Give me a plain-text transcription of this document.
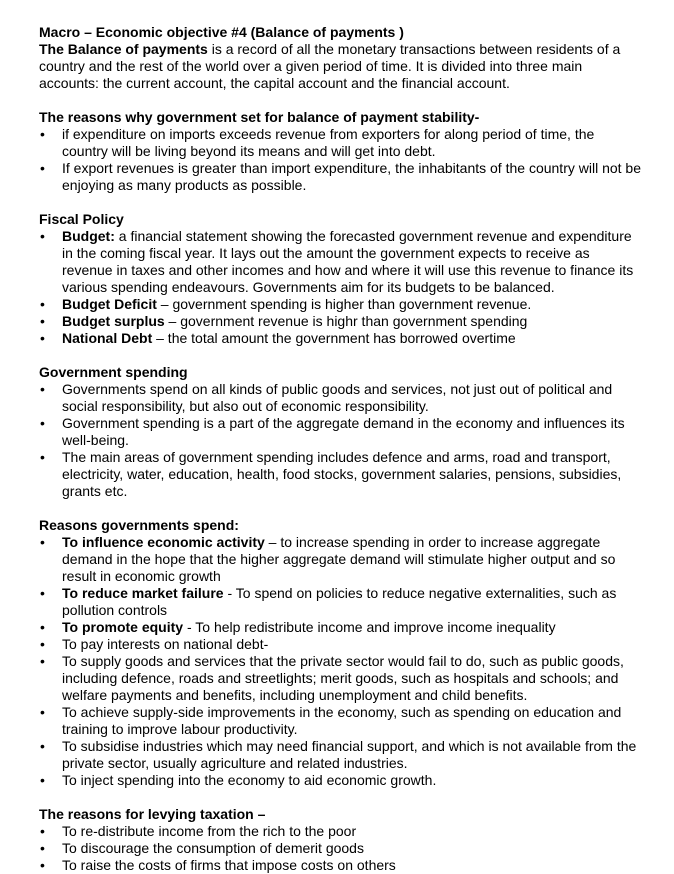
Macro – Economic objective #4 (Balance of payments )

The Balance of payments is a record of all the monetary transactions between residents of a country and the rest of the world over a given period of time. It is divided into three main accounts: the current account, the capital account and the financial account.

The reasons why government set for balance of payment stability-

•	if expenditure on imports exceeds revenue from exporters for along period of time, the country will be living beyond its means and will get into debt.
•	If export revenues is greater than import expenditure, the inhabitants of the country will not be enjoying as many products as possible.

Fiscal Policy

•	Budget: a financial statement showing the forecasted government revenue and expenditure in the coming fiscal year. It lays out the amount the government expects to receive as revenue in taxes and other incomes and how and where it will use this revenue to finance its various spending endeavours. Governments aim for its budgets to be balanced.
•	Budget Deficit – government spending is higher than government revenue.
•	Budget surplus – government revenue is highr than government spending
•	National Debt – the total amount the government has borrowed overtime

Government spending

•	Governments spend on all kinds of public goods and services, not just out of political and social responsibility, but also out of economic responsibility.
•	Government spending is a part of the aggregate demand in the economy and influences its well-being.
•	The main areas of government spending includes defence and arms, road and transport, electricity, water, education, health, food stocks, government salaries, pensions, subsidies, grants etc.

Reasons governments spend:

•	To influence economic activity – to increase spending in order to increase aggregate demand in the hope that the higher aggregate demand will stimulate higher output and so result in economic growth
•	To reduce market failure - To spend on policies to reduce negative externalities, such as pollution controls
•	To promote equity - To help redistribute income and improve income inequality
•	To pay interests on national debt-
•	To supply goods and services that the private sector would fail to do, such as public goods, including defence, roads and streetlights; merit goods, such as hospitals and schools; and welfare payments and benefits, including unemployment and child benefits.
•	To achieve supply-side improvements in the economy, such as spending on education and training to improve labour productivity.
•	To subsidise industries which may need financial support, and which is not available from the private sector, usually agriculture and related industries.
•	To inject spending into the economy to aid economic growth.

The reasons for levying taxation –

•	To re-distribute income from the rich to the poor
•	To discourage the consumption of demerit goods
•	To raise the costs of firms that impose costs on others
